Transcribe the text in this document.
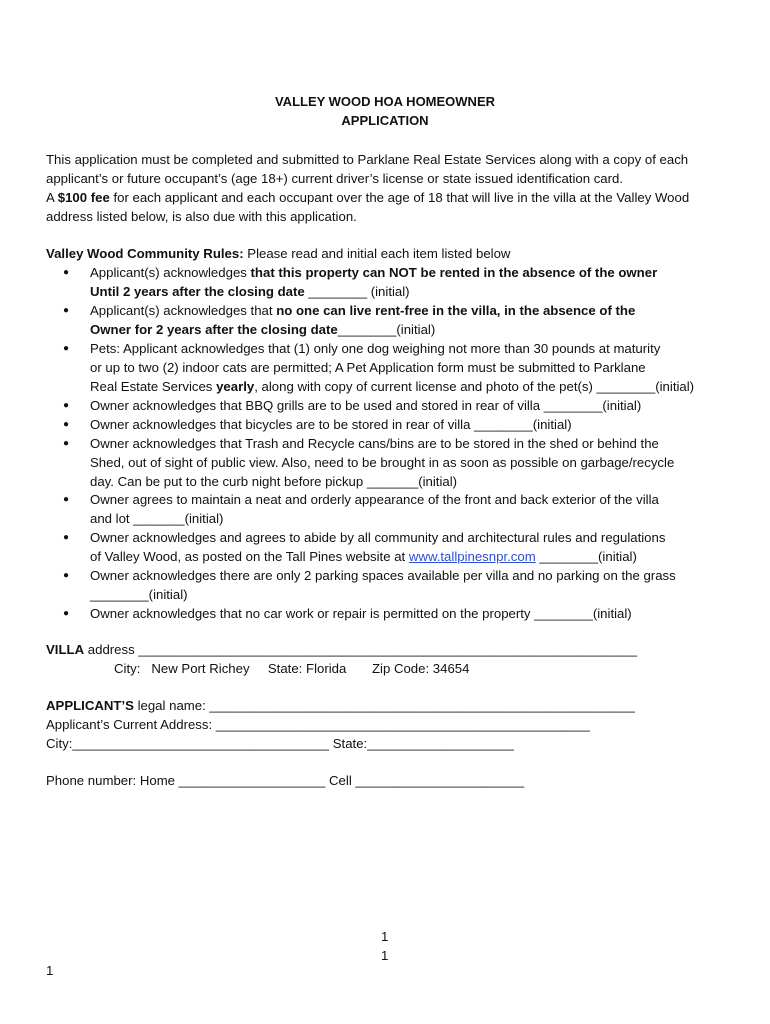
VALLEY WOOD HOA HOMEOWNER
APPLICATION
This application must be completed and submitted to Parklane Real Estate Services along with a copy of each
applicant’s or future occupant’s (age 18+) current driver’s license or state issued identification card.
A $100 fee for each applicant and each occupant over the age of 18 that will live in the villa at the Valley Wood
address listed below, is also due with this application.
Valley Wood Community Rules: Please read and initial each item listed below
● Applicant(s) acknowledges that this property can NOT be rented in the absence of the owner
Until 2 years after the closing date ________ (initial)
● Applicant(s) acknowledges that no one can live rent-free in the villa, in the absence of the
Owner for 2 years after the closing date________(initial)
● Pets: Applicant acknowledges that (1) only one dog weighing not more than 30 pounds at maturity
or up to two (2) indoor cats are permitted; A Pet Application form must be submitted to Parklane
Real Estate Services yearly, along with copy of current license and photo of the pet(s) ________(initial)
● Owner acknowledges that BBQ grills are to be used and stored in rear of villa ________(initial)
● Owner acknowledges that bicycles are to be stored in rear of villa ________(initial)
● Owner acknowledges that Trash and Recycle cans/bins are to be stored in the shed or behind the
Shed, out of sight of public view. Also, need to be brought in as soon as possible on garbage/recycle
day. Can be put to the curb night before pickup _______(initial)
● Owner agrees to maintain a neat and orderly appearance of the front and back exterior of the villa
and lot _______(initial)
● Owner acknowledges and agrees to abide by all community and architectural rules and regulations
of Valley Wood, as posted on the Tall Pines website at www.tallpinesnpr.com ________(initial)
● Owner acknowledges there are only 2 parking spaces available per villa and no parking on the grass
________(initial)
● Owner acknowledges that no car work or repair is permitted on the property ________(initial)
VILLA address ____________________________________________________________________
City:   New Port Richey     State: Florida       Zip Code: 34654
APPLICANT’S legal name: __________________________________________________________
Applicant’s Current Address: ___________________________________________________
City:___________________________________ State:____________________
Phone number: Home ____________________ Cell _______________________
1
1
1
